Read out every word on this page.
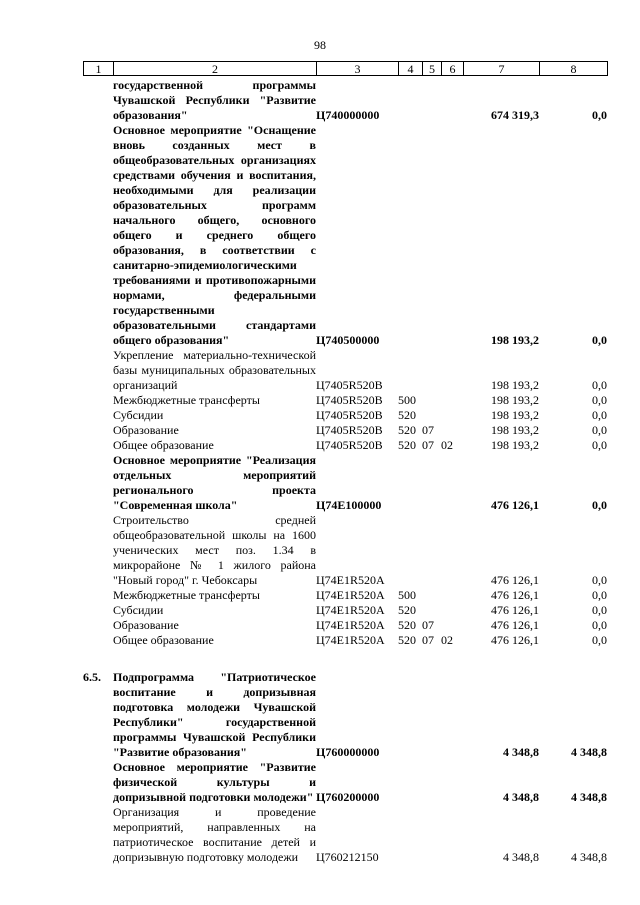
98
1	2	3	4	5	6	7	8
	государственной программы Чувашской Республики "Развитие образования"	Ц740000000				674 319,3	0,0
	Основное мероприятие "Оснащение вновь созданных мест в общеобразовательных организациях средствами обучения и воспитания, необходимыми для реализации образовательных программ начального общего, основного общего и среднего общего образования, в соответствии с санитарно-эпидемиологическими требованиями и противопожарными нормами, федеральными государственными образовательными стандартами общего образования"	Ц740500000				198 193,2	0,0
	Укрепление материально-технической базы муниципальных образовательных организаций	Ц7405R520B				198 193,2	0,0
	Межбюджетные трансферты	Ц7405R520B	500			198 193,2	0,0
	Субсидии	Ц7405R520B	520			198 193,2	0,0
	Образование	Ц7405R520B	520	07		198 193,2	0,0
	Общее образование	Ц7405R520B	520	07	02	198 193,2	0,0
	Основное мероприятие "Реализация отдельных мероприятий регионального проекта "Современная школа"	Ц74Е100000				476 126,1	0,0
	Строительство средней общеобразовательной школы на 1600 ученических мест поз. 1.34 в микрорайоне № 1 жилого района "Новый город" г. Чебоксары	Ц74Е1R520A				476 126,1	0,0
	Межбюджетные трансферты	Ц74Е1R520A	500			476 126,1	0,0
	Субсидии	Ц74Е1R520A	520			476 126,1	0,0
	Образование	Ц74Е1R520A	520	07		476 126,1	0,0
	Общее образование	Ц74Е1R520A	520	07	02	476 126,1	0,0

6.5.	Подпрограмма "Патриотическое воспитание и допризывная подготовка молодежи Чувашской Республики" государственной программы Чувашской Республики "Развитие образования"	Ц760000000				4 348,8	4 348,8
	Основное мероприятие "Развитие физической культуры и допризывной подготовки молодежи"	Ц760200000				4 348,8	4 348,8
	Организация и проведение мероприятий, направленных на патриотическое воспитание детей и допризывную подготовку молодежи	Ц760212150				4 348,8	4 348,8
